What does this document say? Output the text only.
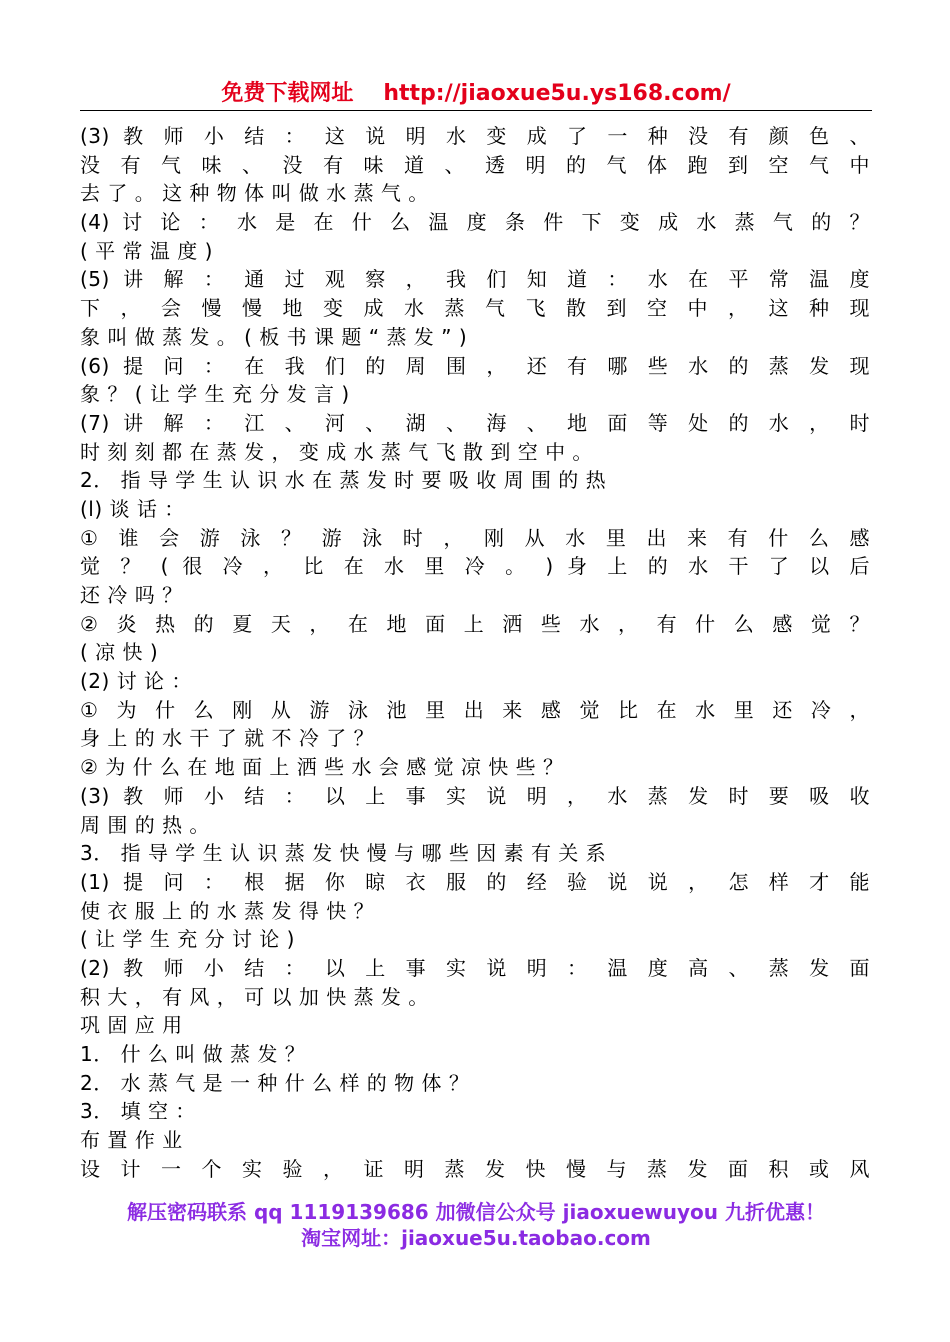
免费下载网址 http://jiaoxue5u.ys168.com/
(3) 教 师 小 结 ： 这 说 明 水 变 成 了 一 种 没 有 颜 色 、
没 有 气 味 、 没 有 味 道 、 透 明 的 气 体 跑 到 空 气 中
去 了 。 这 种 物 体 叫 做 水 蒸 气 。
(4) 讨 论 ： 水 是 在 什 么 温 度 条 件 下 变 成 水 蒸 气 的 ？
( 平 常 温 度 )
(5) 讲 解 ： 通 过 观 察 ， 我 们 知 道 ： 水 在 平 常 温 度
下 ， 会 慢 慢 地 变 成 水 蒸 气 飞 散 到 空 中 ， 这 种 现
象 叫 做 蒸 发 。 ( 板 书 课 题 “ 蒸 发 ” )
(6) 提 问 ： 在 我 们 的 周 围 ， 还 有 哪 些 水 的 蒸 发 现
象 ？ ( 让 学 生 充 分 发 言 )
(7) 讲 解 ： 江 、 河 、 湖 、 海 、 地 面 等 处 的 水 ， 时
时 刻 刻 都 在 蒸 发 ， 变 成 水 蒸 气 飞 散 到 空 中 。
2． 指 导 学 生 认 识 水 在 蒸 发 时 要 吸 收 周 围 的 热
(l) 谈 话 ：
① 谁 会 游 泳 ？ 游 泳 时 ， 刚 从 水 里 出 来 有 什 么 感
觉 ？ ( 很 冷 ， 比 在 水 里 冷 。 ) 身 上 的 水 干 了 以 后
还 冷 吗 ？
② 炎 热 的 夏 天 ， 在 地 面 上 洒 些 水 ， 有 什 么 感 觉 ？
( 凉 快 )
(2) 讨 论 ：
① 为 什 么 刚 从 游 泳 池 里 出 来 感 觉 比 在 水 里 还 冷 ，
身 上 的 水 干 了 就 不 冷 了 ？
② 为 什 么 在 地 面 上 洒 些 水 会 感 觉 凉 快 些 ？
(3) 教 师 小 结 ： 以 上 事 实 说 明 ， 水 蒸 发 时 要 吸 收
周 围 的 热 。
3． 指 导 学 生 认 识 蒸 发 快 慢 与 哪 些 因 素 有 关 系
(1) 提 问 ： 根 据 你 晾 衣 服 的 经 验 说 说 ， 怎 样 才 能
使 衣 服 上 的 水 蒸 发 得 快 ？
( 让 学 生 充 分 讨 论 )
(2) 教 师 小 结 ： 以 上 事 实 说 明 ： 温 度 高 、 蒸 发 面
积 大 ， 有 风 ， 可 以 加 快 蒸 发 。
巩 固 应 用
1． 什 么 叫 做 蒸 发 ？
2． 水 蒸 气 是 一 种 什 么 样 的 物 体 ？
3． 填 空 ：
布 置 作 业
设 计 一 个 实 验 ， 证 明 蒸 发 快 慢 与 蒸 发 面 积 或 风
解压密码联系 qq 1119139686 加微信公众号 jiaoxuewuyou 九折优惠！
淘宝网址：jiaoxue5u.taobao.com
